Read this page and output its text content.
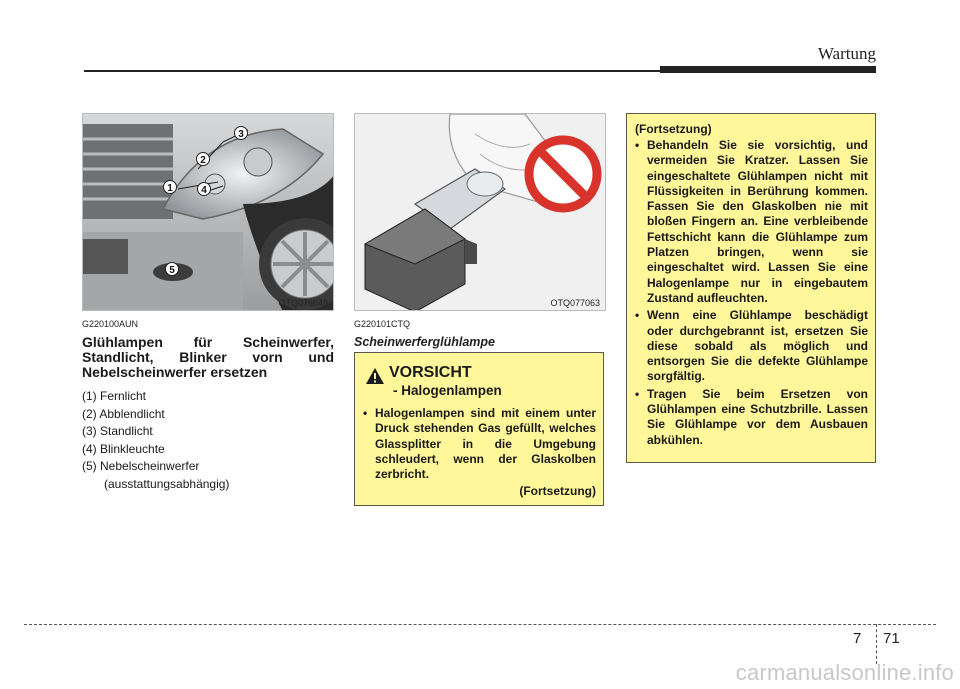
Wartung
1
2
3
4
5
OTQ076049
G220100AUN
Glühlampen für Scheinwerfer, Standlicht, Blinker vorn und Nebelscheinwerfer ersetzen
(1) Fernlicht
(2) Abblendlicht
(3) Standlicht
(4) Blinkleuchte
(5) Nebelscheinwerfer
(ausstattungsabhängig)
OTQ077063
G220101CTQ
Scheinwerferglühlampe
VORSICHT
- Halogenlampen
• Halogenlampen sind mit einem unter Druck stehenden Gas gefüllt, welches Glassplitter in die Umgebung schleudert, wenn der Glaskolben zerbricht.
(Fortsetzung)
(Fortsetzung)
• Behandeln Sie sie vorsichtig, und vermeiden Sie Kratzer. Lassen Sie eingeschaltete Glühlampen nicht mit Flüssigkeiten in Berührung kommen. Fassen Sie den Glaskolben nie mit bloßen Fingern an. Eine verbleibende Fettschicht kann die Glühlampe zum Platzen bringen, wenn sie eingeschaltet wird. Lassen Sie eine Halogenlampe nur in eingebautem Zustand aufleuchten.
• Wenn eine Glühlampe beschädigt oder durchgebrannt ist, ersetzen Sie diese sobald als möglich und entsorgen Sie die defekte Glühlampe sorgfältig.
• Tragen Sie beim Ersetzen von Glühlampen eine Schutzbrille. Lassen Sie Glühlampe vor dem Ausbauen abkühlen.
7 71
carmanualsonline.info
